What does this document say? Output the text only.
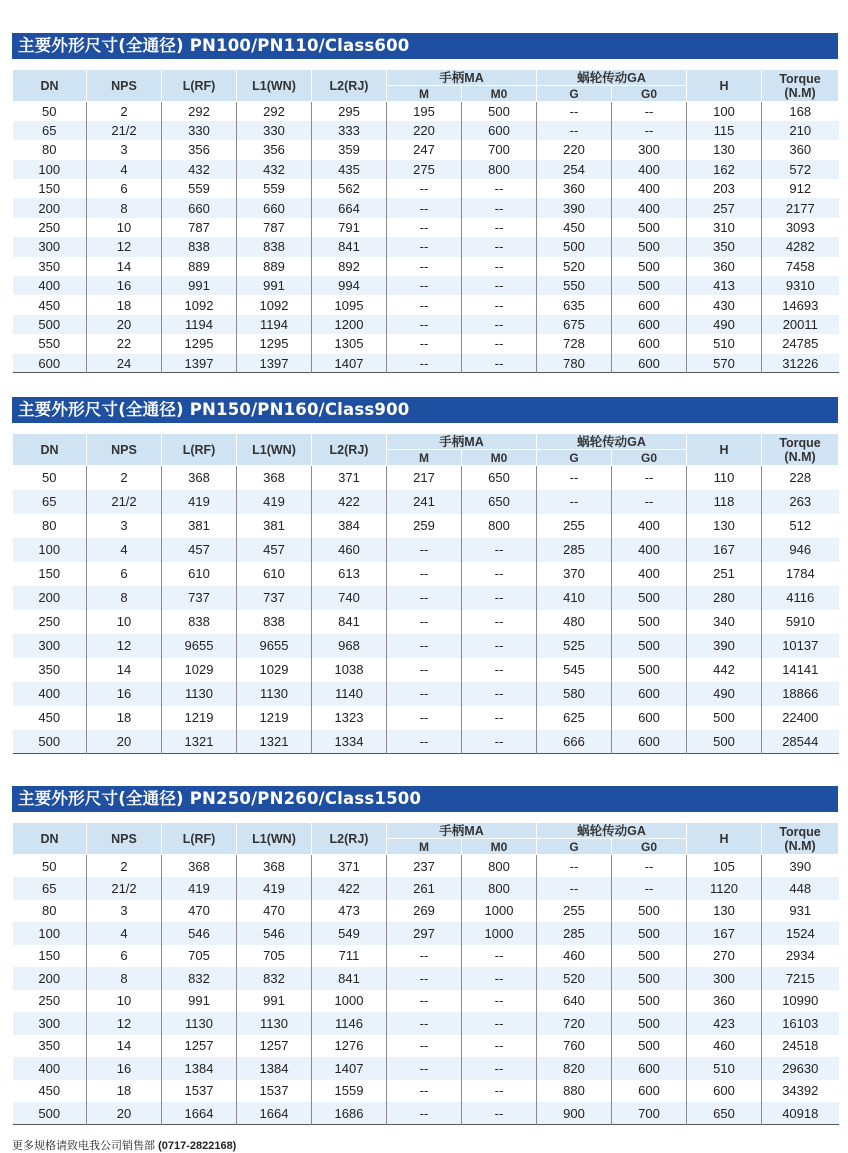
主要外形尺寸(全通径) PN100/PN110/Class600
DN	NPS	L(RF)	L1(WN)	L2(RJ)	手柄MA		蜗轮传动GA		H	Torque
(N.M)

					M	M0	G	G0		
50	2	292	292	295	195	500	--	--	100	168
65	21/2	330	330	333	220	600	--	--	115	210
80	3	356	356	359	247	700	220	300	130	360
100	4	432	432	435	275	800	254	400	162	572
150	6	559	559	562	--	--	360	400	203	912
200	8	660	660	664	--	--	390	400	257	2177
250	10	787	787	791	--	--	450	500	310	3093
300	12	838	838	841	--	--	500	500	350	4282
350	14	889	889	892	--	--	520	500	360	7458
400	16	991	991	994	--	--	550	500	413	9310
450	18	1092	1092	1095	--	--	635	600	430	14693
500	20	1194	1194	1200	--	--	675	600	490	20011
550	22	1295	1295	1305	--	--	728	600	510	24785
600	24	1397	1397	1407	--	--	780	600	570	31226
主要外形尺寸(全通径) PN150/PN160/Class900
DN	NPS	L(RF)	L1(WN)	L2(RJ)	手柄MA		蜗轮传动GA		H	Torque
(N.M)

					M	M0	G	G0		
50	2	368	368	371	217	650	--	--	110	228
65	21/2	419	419	422	241	650	--	--	118	263
80	3	381	381	384	259	800	255	400	130	512
100	4	457	457	460	--	--	285	400	167	946
150	6	610	610	613	--	--	370	400	251	1784
200	8	737	737	740	--	--	410	500	280	4116
250	10	838	838	841	--	--	480	500	340	5910
300	12	9655	9655	968	--	--	525	500	390	10137
350	14	1029	1029	1038	--	--	545	500	442	14141
400	16	1130	1130	1140	--	--	580	600	490	18866
450	18	1219	1219	1323	--	--	625	600	500	22400
500	20	1321	1321	1334	--	--	666	600	500	28544
主要外形尺寸(全通径) PN250/PN260/Class1500
DN	NPS	L(RF)	L1(WN)	L2(RJ)	手柄MA		蜗轮传动GA		H	Torque
(N.M)

					M	M0	G	G0		
50	2	368	368	371	237	800	--	--	105	390
65	21/2	419	419	422	261	800	--	--	1120	448
80	3	470	470	473	269	1000	255	500	130	931
100	4	546	546	549	297	1000	285	500	167	1524
150	6	705	705	711	--	--	460	500	270	2934
200	8	832	832	841	--	--	520	500	300	7215
250	10	991	991	1000	--	--	640	500	360	10990
300	12	1130	1130	1146	--	--	720	500	423	16103
350	14	1257	1257	1276	--	--	760	500	460	24518
400	16	1384	1384	1407	--	--	820	600	510	29630
450	18	1537	1537	1559	--	--	880	600	600	34392
500	20	1664	1664	1686	--	--	900	700	650	40918
更多规格请致电我公司销售部 (0717-2822168)
